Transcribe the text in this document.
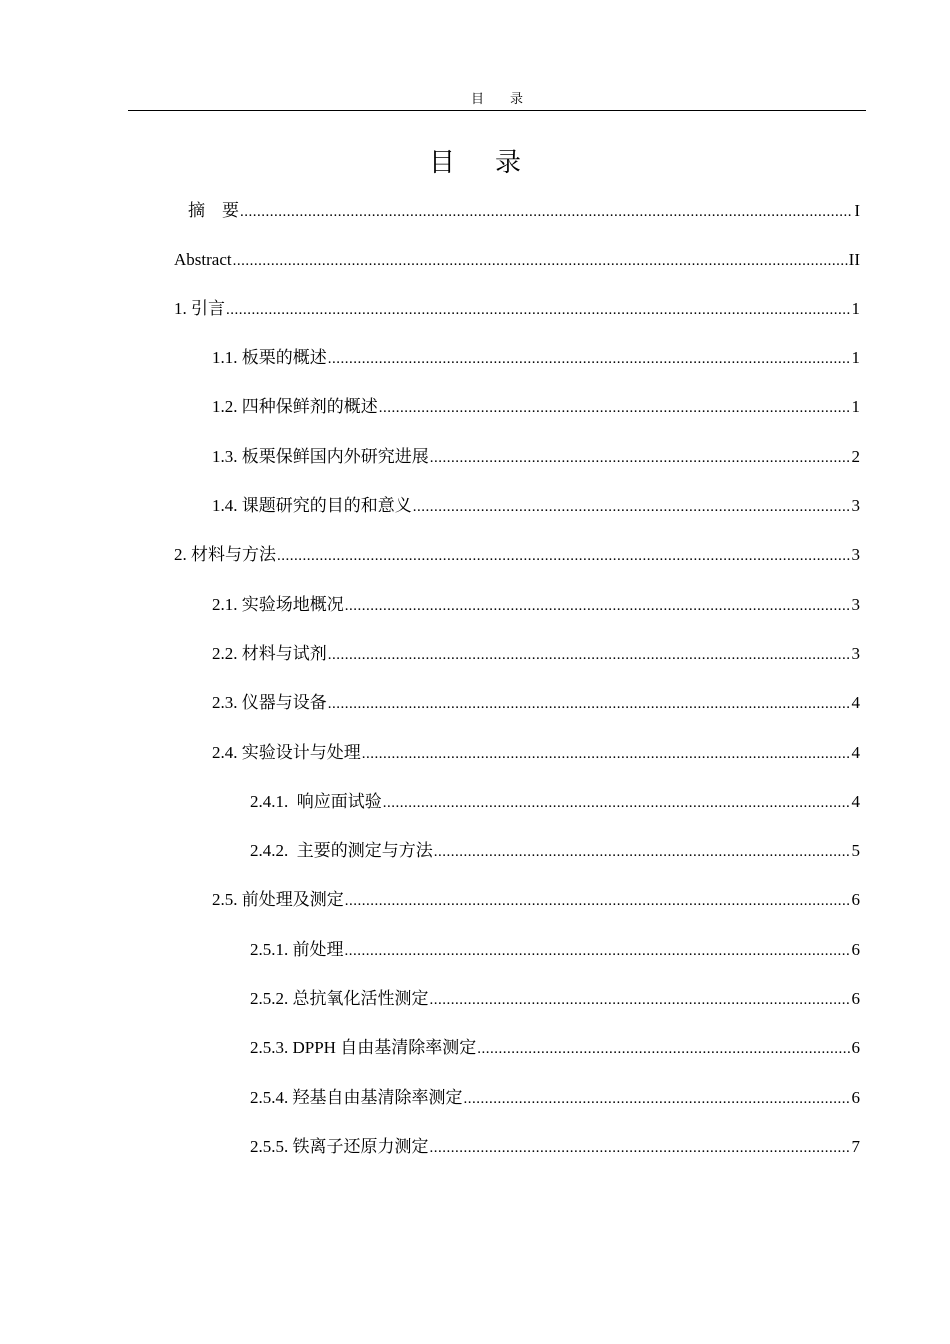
目　　录
目 录
摘　要 .....	I
Abstract .....	II
1. 引言 .....	1
1.1. 板栗的概述 .....	1
1.2. 四种保鲜剂的概述 .....	1
1.3. 板栗保鲜国内外研究进展 .....	2
1.4. 课题研究的目的和意义 .....	3
2. 材料与方法 .....	3
2.1. 实验场地概况 .....	3
2.2. 材料与试剂 .....	3
2.3. 仪器与设备 .....	4
2.4. 实验设计与处理 .....	4
2.4.1.  响应面试验 .....	4
2.4.2.  主要的测定与方法 .....	5
2.5. 前处理及测定 .....	6
2.5.1. 前处理 .....	6
2.5.2. 总抗氧化活性测定 .....	6
2.5.3. DPPH 自由基清除率测定 .....	6
2.5.4. 羟基自由基清除率测定 .....	6
2.5.5. 铁离子还原力测定 .....	7
